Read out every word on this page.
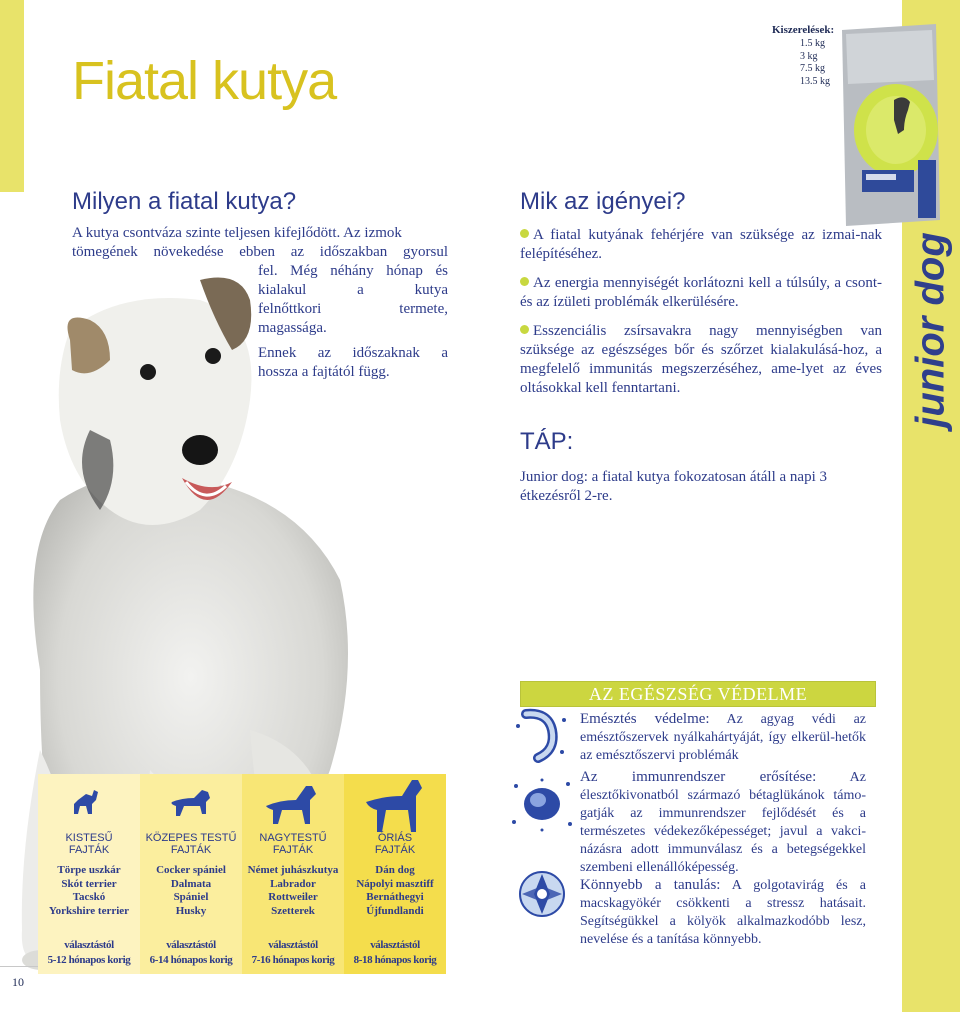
Fiatal kutya
junior dog
Kiszerelések:
1.5 kg
3 kg
7.5 kg
13.5 kg
Milyen a fiatal kutya?
A kutya csontváza szinte teljesen kifejlődött. Az izmok
tömegének növekedése ebben az időszakban gyorsul
fel. Még néhány hónap és
kialakul a kutya
felnőttkori termete,
magassága.
Ennek az időszaknak a
hossza a fajtától függ.
Mik az igényei?

A fiatal kutyának fehérjére van szüksége az izmai-nak felépítéséhez.

Az energia mennyiségét korlátozni kell a túlsúly, a csont- és az ízületi problémák elkerülésére.

Esszenciális zsírsavakra nagy mennyiségben van szüksége az egészséges bőr és szőrzet kialakulásá-hoz, a megfelelő immunitás megszerzéséhez, ame-lyet az éves oltásokkal kell fenntartani.

TÁP:
Junior dog: a fiatal kutya fokozatosan átáll a napi 3 étkezésről 2-re.
AZ EGÉSZSÉG VÉDELME
Emésztés védelme: Az agyag védi az emésztőszervek nyálkahártyáját, így elkerül-hetők az emésztőszervi problémák
Az immunrendszer erősítése: Az élesztőkivonatból származó bétaglükánok támo-gatják az immunrendszer fejlődését és a természetes védekezőképességet; javul a vakci-názásra adott immunválasz és a betegségekkel szembeni ellenállóképesség.
Könnyebb a tanulás: A golgotavirág és a macskagyökér csökkenti a stressz hatásait. Segítségükkel a kölyök alkalmazkodóbb lesz, nevelése és a tanítása könnyebb.
KISTESŰ
FAJTÁK
Törpe uszkár
Skót terrier
Tacskó
Yorkshire terrier
választástól
5-12 hónapos korig
KÖZEPES TESTŰ
FAJTÁK
Cocker spániel
Dalmata
Spániel
Husky
választástól
6-14 hónapos korig
NAGYTESTŰ
FAJTÁK
Német juhászkutya
Labrador
Rottweiler
Szetterek
választástól
7-16 hónapos korig
ÓRIÁS
FAJTÁK
Dán dog
Nápolyi masztiff
Bernáthegyi
Újfundlandi
választástól
8-18 hónapos korig
10
